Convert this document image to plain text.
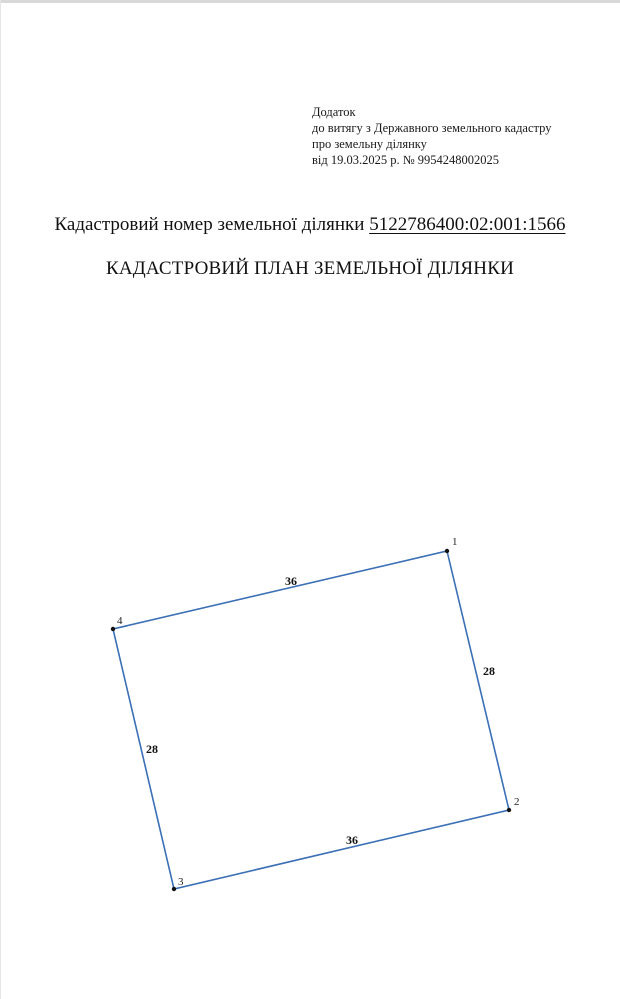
Додаток
до витягу з Державного земельного кадастру
про земельну ділянку
від 19.03.2025 р. № 9954248002025
Кадастровий номер земельної ділянки 5122786400:02:001:1566
КАДАСТРОВИЙ ПЛАН ЗЕМЕЛЬНОЇ ДІЛЯНКИ
1
2
3
4
36
28
36
28
